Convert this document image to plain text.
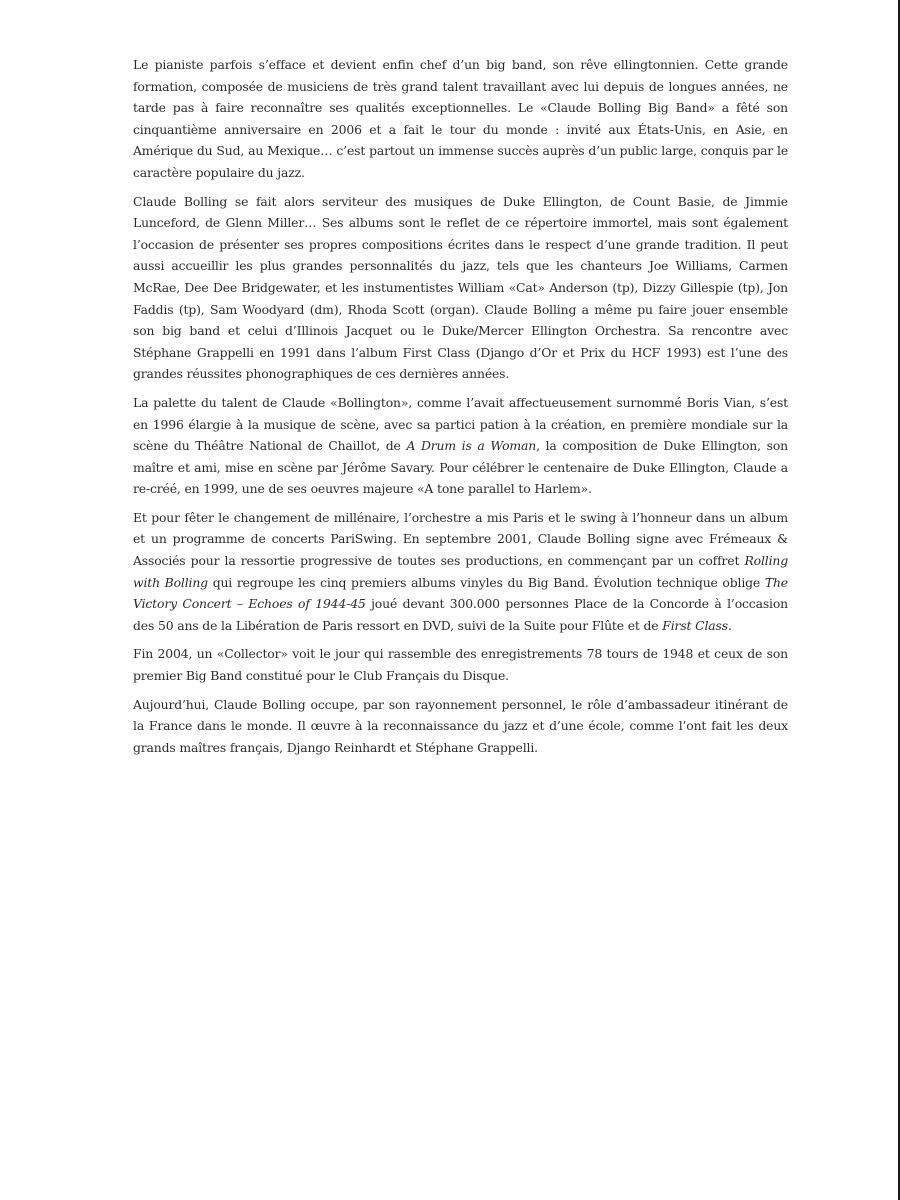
Le pianiste parfois s’efface et devient enfin chef d’un big band, son rêve ellingtonnien. Cette grande formation, composée de musiciens de très grand talent travaillant avec lui depuis de longues années, ne tarde pas à faire reconnaître ses qualités exceptionnelles. Le «Claude Bolling Big Band» a fêté son cinquantième anniversaire en 2006 et a fait le tour du monde : invité aux États-Unis, en Asie, en Amérique du Sud, au Mexique… c’est partout un immense succès auprès d’un public large, conquis par le caractère populaire du jazz.

Claude Bolling se fait alors serviteur des musiques de Duke Ellington, de Count Basie, de Jimmie Lunceford, de Glenn Miller… Ses albums sont le reflet de ce répertoire immortel, mais sont également l’occasion de présenter ses propres compositions écrites dans le respect d’une grande tradition. Il peut aussi accueillir les plus grandes personnalités du jazz, tels que les chanteurs Joe Williams, Carmen McRae, Dee Dee Bridgewater, et les instumentistes William «Cat» Anderson (tp), Dizzy Gillespie (tp), Jon Faddis (tp), Sam Woodyard (dm), Rhoda Scott (organ). Claude Bolling a même pu faire jouer ensemble son big band et celui d’Illinois Jacquet ou le Duke/Mercer Ellington Orchestra. Sa rencontre avec Stéphane Grappelli en 1991 dans l’album First Class (Django d’Or et Prix du HCF 1993) est l’une des grandes réussites phonographiques de ces dernières années.

La palette du talent de Claude «Bollington», comme l’avait affectueusement surnommé Boris Vian, s’est en 1996 élargie à la musique de scène, avec sa partici pation à la création, en première mondiale sur la scène du Théâtre National de Chaillot, de A Drum is a Woman, la composition de Duke Ellington, son maître et ami, mise en scène par Jérôme Savary. Pour célébrer le centenaire de Duke Ellington, Claude a re-créé, en 1999, une de ses oeuvres majeure «A tone parallel to Harlem».

Et pour fêter le changement de millénaire, l’orchestre a mis Paris et le swing à l’honneur dans un album et un programme de concerts PariSwing. En septembre 2001, Claude Bolling signe avec Frémeaux & Associés pour la ressortie progressive de toutes ses productions, en commençant par un coffret Rolling with Bolling qui regroupe les cinq premiers albums vinyles du Big Band. Évolution technique oblige The Victory Concert – Echoes of 1944-45 joué devant 300.000 personnes Place de la Concorde à l’occasion des 50 ans de la Libération de Paris ressort en DVD, suivi de la Suite pour Flûte et de First Class.

Fin 2004, un «Collector» voit le jour qui rassemble des enregistrements 78 tours de 1948 et ceux de son premier Big Band constitué pour le Club Français du Disque.

Aujourd’hui, Claude Bolling occupe, par son rayonnement personnel, le rôle d’ambassadeur itinérant de la France dans le monde. Il œuvre à la reconnaissance du jazz et d’une école, comme l’ont fait les deux grands maîtres français, Django Reinhardt et Stéphane Grappelli.
